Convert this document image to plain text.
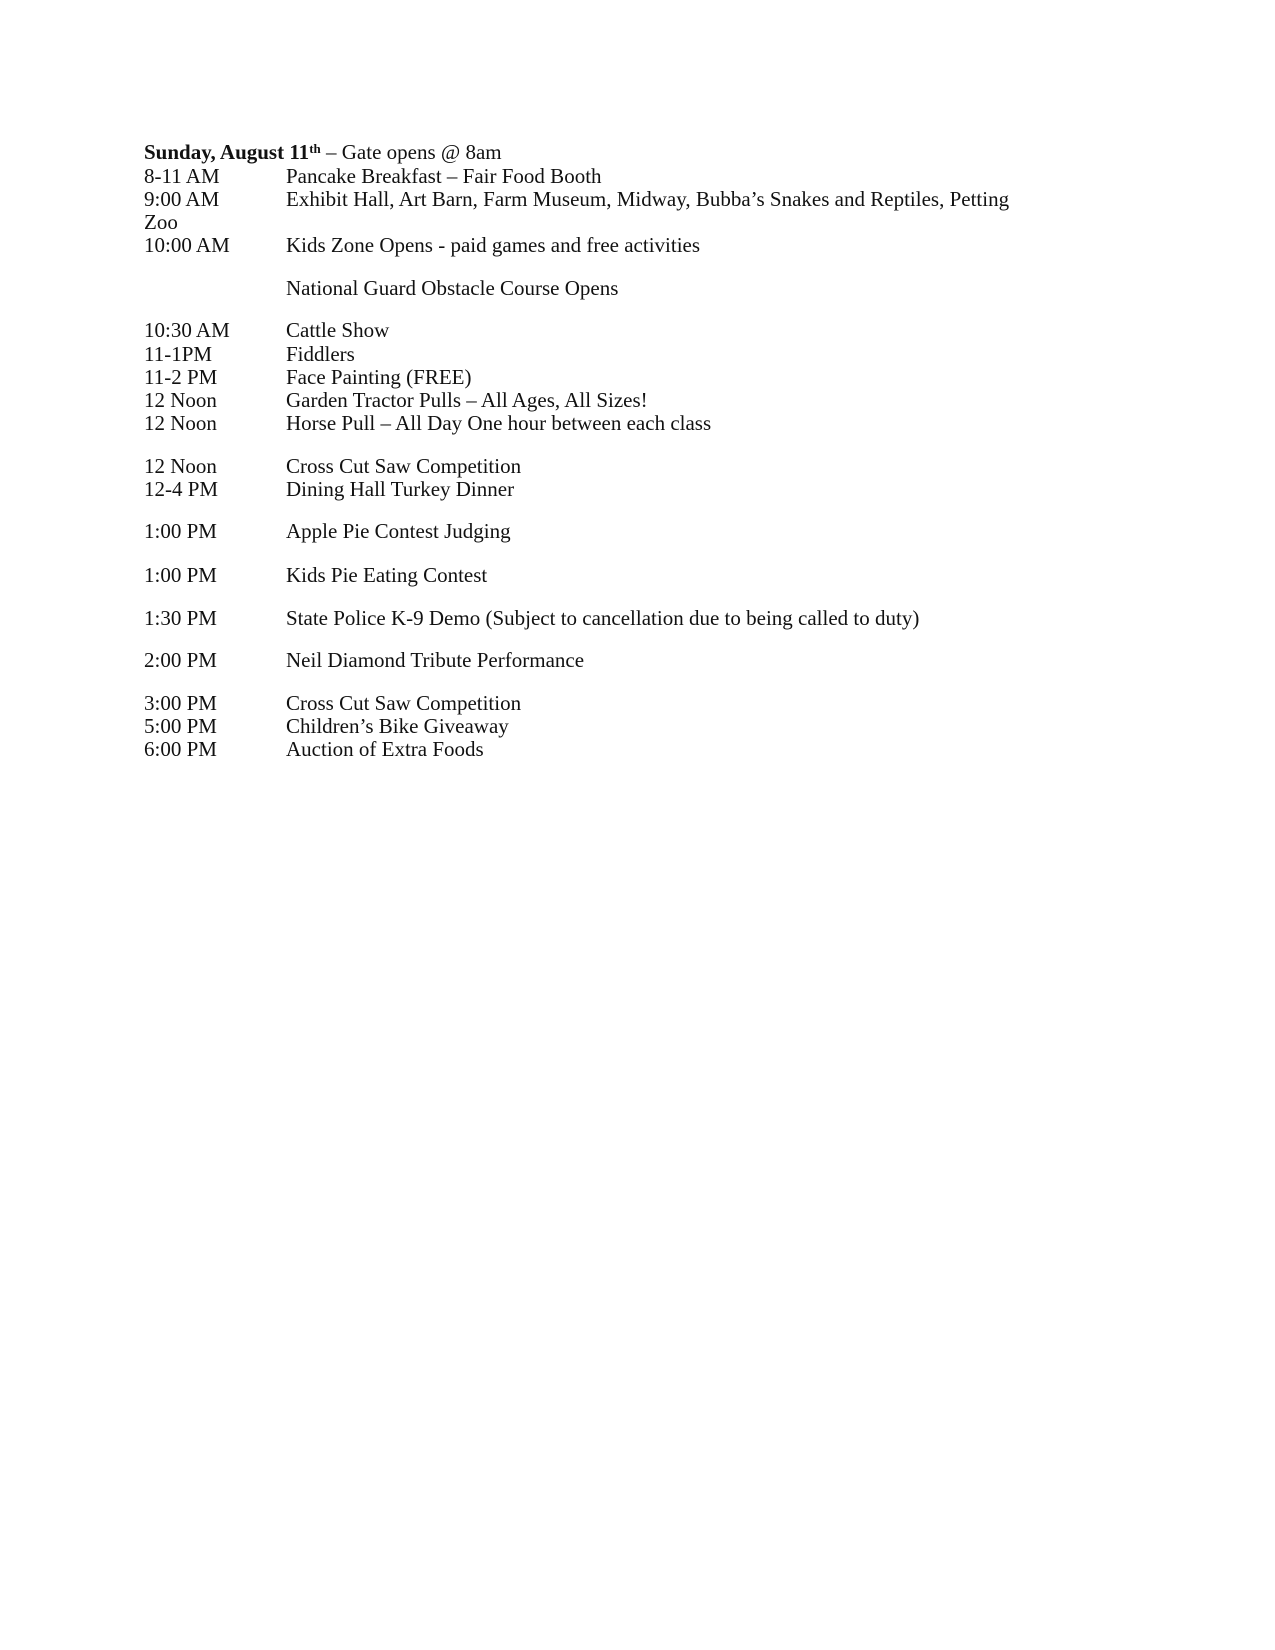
Sunday, August 11th – Gate opens @ 8am
8-11 AM	Pancake Breakfast – Fair Food Booth
9:00 AM	Exhibit Hall, Art Barn, Farm Museum, Midway, Bubba’s Snakes and Reptiles, Petting
Zoo
10:00 AM	Kids Zone Opens - paid games and free activities
National Guard Obstacle Course Opens
10:30 AM	Cattle Show
11-1PM	Fiddlers
11-2 PM	Face Painting (FREE)
12 Noon	Garden Tractor Pulls – All Ages, All Sizes!
12 Noon	Horse Pull – All Day One hour between each class
12 Noon	Cross Cut Saw Competition
12-4 PM	Dining Hall Turkey Dinner
1:00 PM	Apple Pie Contest Judging
1:00 PM	Kids Pie Eating Contest
1:30 PM	State Police K-9 Demo (Subject to cancellation due to being called to duty)
2:00 PM	Neil Diamond Tribute Performance
3:00 PM	Cross Cut Saw Competition
5:00 PM	Children’s Bike Giveaway
6:00 PM	Auction of Extra Foods
